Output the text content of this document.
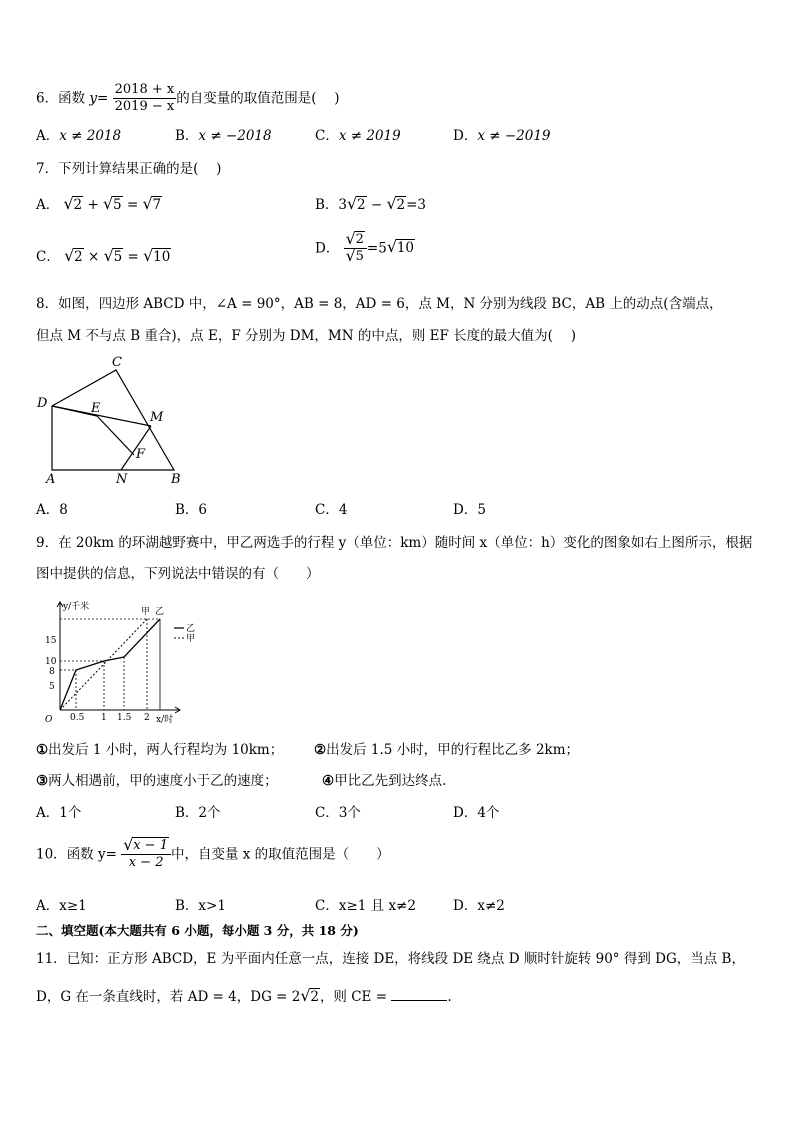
6．函数 $y= \frac{2018 + x}{2019 - x}$ 的自变量的取值范围是(　 )
A．x ≠ 2018	B．x ≠ −2018	C．x ≠ 2019	D．x ≠ −2019
7．下列计算结果正确的是(　 )
A． √ 2 + √ 5 = √ 7	B．3 √ 2 − √ 2=3
C． √ 2 × √ 5 = √ 10
D． √ 2
√ 5 =5 √ 10
8．如图，四边形 ABCD 中，∠A = 90°，AB = 8，AD = 6，点 M，N 分别为线段 BC，AB 上的动点(含端点，
但点 M 不与点 B 重合)，点 E，F 分别为 DM，MN 的中点，则 EF 长度的最大值为(　 )
C
D	E
M
F
A	N	B
A．8	B．6	C．4	D．5
9．在 20km 的环湖越野赛中，甲乙两选手的行程 y（单位：km）随时间 x（单位：h）变化的图象如右上图所示，根据
图中提供的信息，下列说法中错误的有（　　）
y/千米
x/时
O
15
10
8
5
0.5 1 1.5 2
甲 乙
乙
甲
①出发后 1 小时，两人行程均为 10km； ②出发后 1.5 小时，甲的行程比乙多 2km；
③两人相遇前，甲的速度小于乙的速度；	④甲比乙先到达终点.
A．1个	B．2个	C．3个	D．4个
10．函数 y= √ $\frac{x - 1}{x - 2}$ 中，自变量 x 的取值范围是（　　）
A．x≥1	B．x>1	C．x≥1 且 x≠2	D．x≠2
二、填空题(本大题共有 6 小题，每小题 3 分，共 18 分)
11．已知：正方形 ABCD，E 为平面内任意一点，连接 DE，将线段 DE 绕点 D 顺时针旋转 90° 得到 DG，当点 B，
D，G 在一条直线时，若 AD = 4，DG = 2 √ 2，则 CE =	.
